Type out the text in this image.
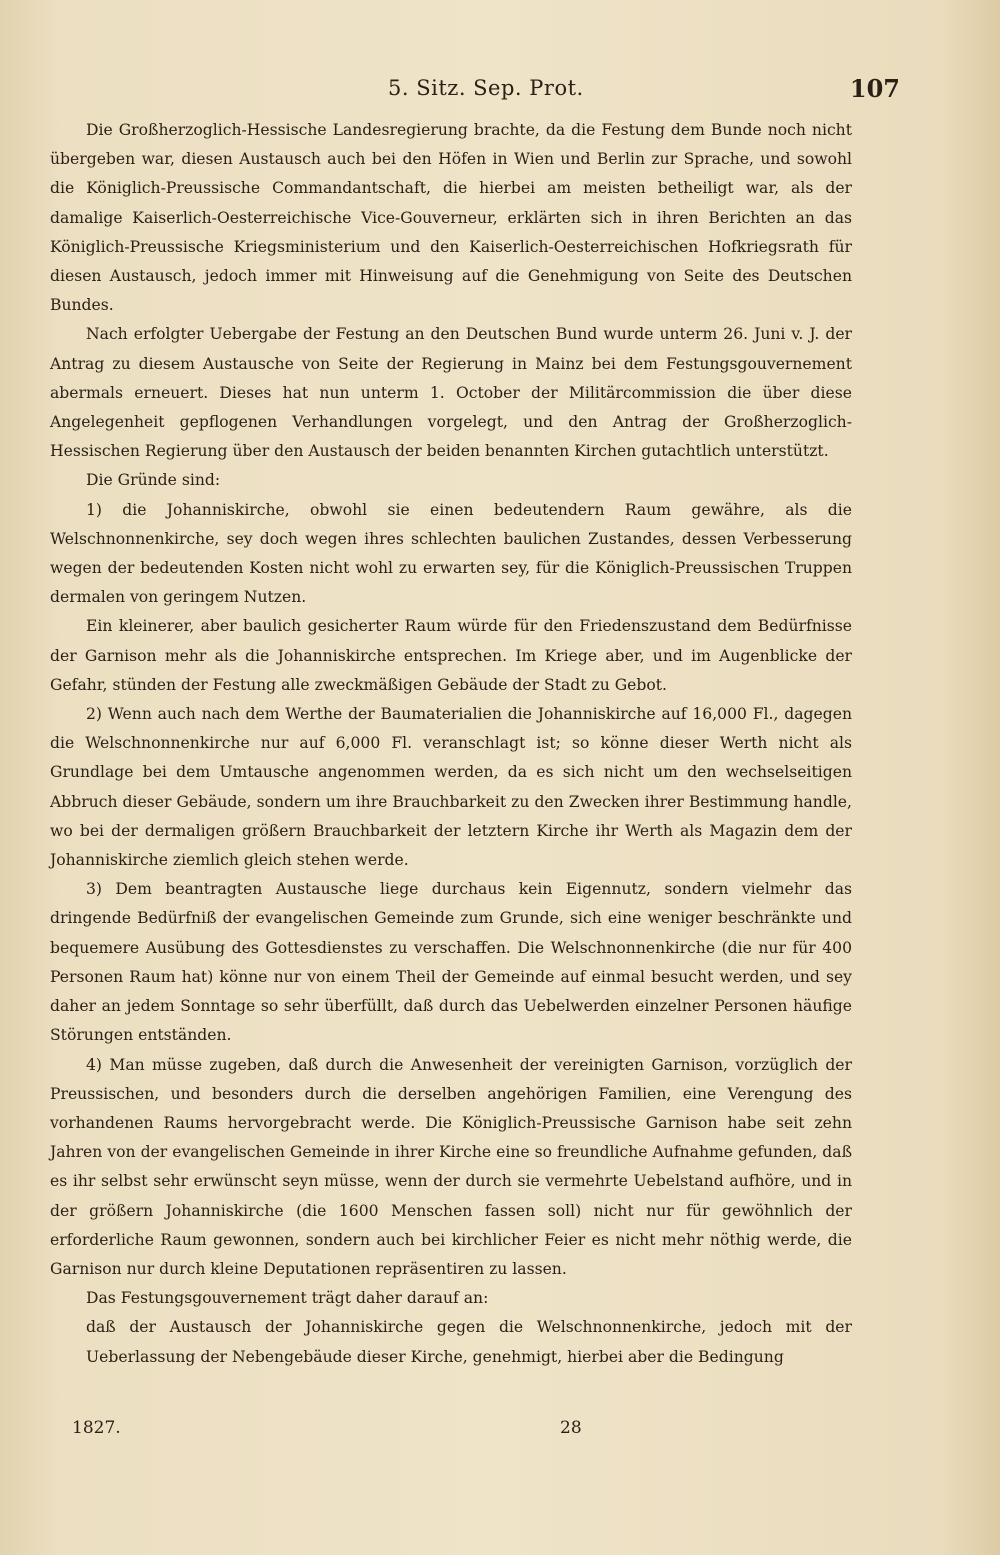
5. Sitz. Sep. Prot.	107

Die Großherzoglich-Hessische Landesregierung brachte, da die Festung dem Bunde noch nicht übergeben war, diesen Austausch auch bei den Höfen in Wien und Berlin zur Sprache, und sowohl die Königlich-Preussische Commandantschaft, die hierbei am meisten betheiligt war, als der damalige Kaiserlich-Oesterreichische Vice-Gouverneur, erklärten sich in ihren Berichten an das Königlich-Preussische Kriegsministerium und den Kaiserlich-Oesterreichischen Hofkriegsrath für diesen Austausch, jedoch immer mit Hinweisung auf die Genehmigung von Seite des Deutschen Bundes.

Nach erfolgter Uebergabe der Festung an den Deutschen Bund wurde unterm 26. Juni v. J. der Antrag zu diesem Austausche von Seite der Regierung in Mainz bei dem Festungsgouvernement abermals erneuert. Dieses hat nun unterm 1. October der Militärcommission die über diese Angelegenheit gepflogenen Verhandlungen vorgelegt, und den Antrag der Großherzoglich-Hessischen Regierung über den Austausch der beiden benannten Kirchen gutachtlich unterstützt.

Die Gründe sind:

1) die Johanniskirche, obwohl sie einen bedeutendern Raum gewähre, als die Welschnonnenkirche, sey doch wegen ihres schlechten baulichen Zustandes, dessen Verbesserung wegen der bedeutenden Kosten nicht wohl zu erwarten sey, für die Königlich-Preussischen Truppen dermalen von geringem Nutzen.

Ein kleinerer, aber baulich gesicherter Raum würde für den Friedenszustand dem Bedürfnisse der Garnison mehr als die Johanniskirche entsprechen. Im Kriege aber, und im Augenblicke der Gefahr, stünden der Festung alle zweckmäßigen Gebäude der Stadt zu Gebot.

2) Wenn auch nach dem Werthe der Baumaterialien die Johanniskirche auf 16,000 Fl., dagegen die Welschnonnenkirche nur auf 6,000 Fl. veranschlagt ist; so könne dieser Werth nicht als Grundlage bei dem Umtausche angenommen werden, da es sich nicht um den wechselseitigen Abbruch dieser Gebäude, sondern um ihre Brauchbarkeit zu den Zwecken ihrer Bestimmung handle, wo bei der dermaligen größern Brauchbarkeit der letztern Kirche ihr Werth als Magazin dem der Johanniskirche ziemlich gleich stehen werde.

3) Dem beantragten Austausche liege durchaus kein Eigennutz, sondern vielmehr das dringende Bedürfniß der evangelischen Gemeinde zum Grunde, sich eine weniger beschränkte und bequemere Ausübung des Gottesdienstes zu verschaffen. Die Welschnonnenkirche (die nur für 400 Personen Raum hat) könne nur von einem Theil der Gemeinde auf einmal besucht werden, und sey daher an jedem Sonntage so sehr überfüllt, daß durch das Uebelwerden einzelner Personen häufige Störungen entständen.

4) Man müsse zugeben, daß durch die Anwesenheit der vereinigten Garnison, vorzüglich der Preussischen, und besonders durch die derselben angehörigen Familien, eine Verengung des vorhandenen Raums hervorgebracht werde. Die Königlich-Preussische Garnison habe seit zehn Jahren von der evangelischen Gemeinde in ihrer Kirche eine so freundliche Aufnahme gefunden, daß es ihr selbst sehr erwünscht seyn müsse, wenn der durch sie vermehrte Uebelstand aufhöre, und in der größern Johanniskirche (die 1600 Menschen fassen soll) nicht nur für gewöhnlich der erforderliche Raum gewonnen, sondern auch bei kirchlicher Feier es nicht mehr nöthig werde, die Garnison nur durch kleine Deputationen repräsentiren zu lassen.

Das Festungsgouvernement trägt daher darauf an:

daß der Austausch der Johanniskirche gegen die Welschnonnenkirche, jedoch mit der Ueberlassung der Nebengebäude dieser Kirche, genehmigt, hierbei aber die Bedingung

1827.	28
